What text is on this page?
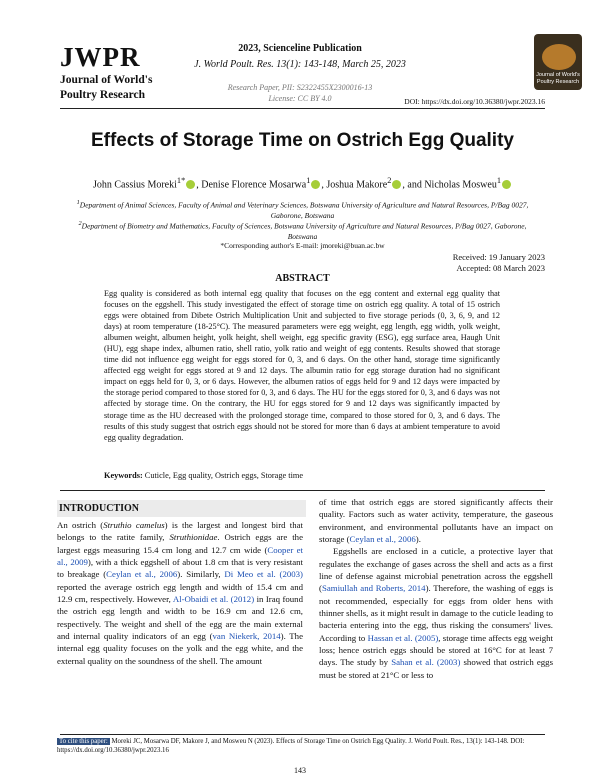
JWPR
Journal of World's
Poultry Research
Journal of World's Poultry Research
2023, Scienceline Publication
J. World Poult. Res. 13(1): 143-148, March 25, 2023
Research Paper, PII: S2322455X2300016-13
License: CC BY 4.0	DOI: https://dx.doi.org/10.36380/jwpr.2023.16
Effects of Storage Time on Ostrich Egg Quality
John Cassius Moreki$^{1*}$ , Denise Florence Mosarwa$^1$ , Joshua Makore$^2$ , and Nicholas Mosweu$^1$
$^1$Department of Animal Sciences, Faculty of Animal and Veterinary Sciences, Botswana University of Agriculture and Natural Resources, P/Bag 0027, Gaborone, Botswana
$^2$Department of Biometry and Mathematics, Faculty of Sciences, Botswana University of Agriculture and Natural Resources, P/Bag 0027, Gaborone, Botswana
*Corresponding author's E-mail: jmoreki@buan.ac.bw
Received: 19 January 2023
Accepted: 08 March 2023
ABSTRACT
Egg quality is considered as both internal egg quality that focuses on the egg content and external egg quality that focuses on the eggshell. This study investigated the effect of storage time on ostrich egg quality. A total of 15 ostrich eggs were obtained from Dibete Ostrich Multiplication Unit and subjected to five storage periods (0, 3, 6, 9, and 12 days) at room temperature (18-25°C). The measured parameters were egg weight, egg length, egg width, yolk weight, albumen weight, albumen height, yolk height, shell weight, egg specific gravity (ESG), egg surface area, Haugh Unit (HU), egg shape index, albumen ratio, shell ratio, yolk ratio and weight of egg contents. Results showed that storage time did not influence egg weight for eggs stored for 0, 3, and 6 days. On the other hand, storage time significantly affected egg weight for eggs stored at 9 and 12 days. The albumin ratio for egg storage duration had no significant impact on eggs held for 0, 3, or 6 days. However, the albumen ratios of eggs held for 9 and 12 days were impacted by the storage period compared to those stored for 0, 3, and 6 days. The HU for the eggs stored for 0, 3, and 6 days was not affected by storage time. On the contrary, the HU for eggs stored for 9 and 12 days was significantly impacted by storage time as the HU decreased with the prolonged storage time, compared to those stored for 0, 3, and 6 days. The results of this study suggest that ostrich eggs should not be stored for more than 6 days at ambient temperature to avoid egg quality degradation.
Keywords: Cuticle, Egg quality, Ostrich eggs, Storage time
INTRODUCTION

An ostrich (Struthio camelus) is the largest and longest bird that belongs to the ratite family, Struthionidae. Ostrich eggs are the largest eggs measuring 15.4 cm long and 12.7 cm wide (Cooper et al., 2009), with a thick eggshell of about 1.8 cm that is very resistant to breakage (Ceylan et al., 2006). Similarly, Di Meo et al. (2003) reported the average ostrich egg length and width of 15.4 cm and 12.9 cm, respectively. However, Al-Obaidi et al. (2012) in Iraq found the ostrich egg length and width to be 16.9 cm and 12.6 cm, respectively. The weight and shell of the egg are the main external and internal quality indicators of an egg (van Niekerk, 2014). The internal egg quality focuses on the yolk and the egg white, and the external quality on the soundness of the shell. The amount

of time that ostrich eggs are stored significantly affects their quality. Factors such as water activity, temperature, the gaseous environment, and environmental pollutants have an impact on storage (Ceylan et al., 2006).

Eggshells are enclosed in a cuticle, a protective layer that regulates the exchange of gases across the shell and acts as a first line of defense against microbial penetration across the eggshell (Samiullah and Roberts, 2014). Therefore, the washing of eggs is not recommended, especially for eggs from older hens with thinner shells, as it might result in damage to the cuticle leading to bacteria entering into the egg, thus risking the consumers' lives. According to Hassan et al. (2005), storage time affects egg weight loss; hence ostrich eggs should be stored at 16°C for at least 7 days. The study by Sahan et al. (2003) showed that ostrich eggs must be stored at 21°C or less to

To cite this paper: Moreki JC, Mosarwa DF, Makore J, and Mosweu N (2023). Effects of Storage Time on Ostrich Egg Quality. J. World Poult. Res., 13(1): 143-148. DOI: https://dx.doi.org/10.36380/jwpr.2023.16
143
